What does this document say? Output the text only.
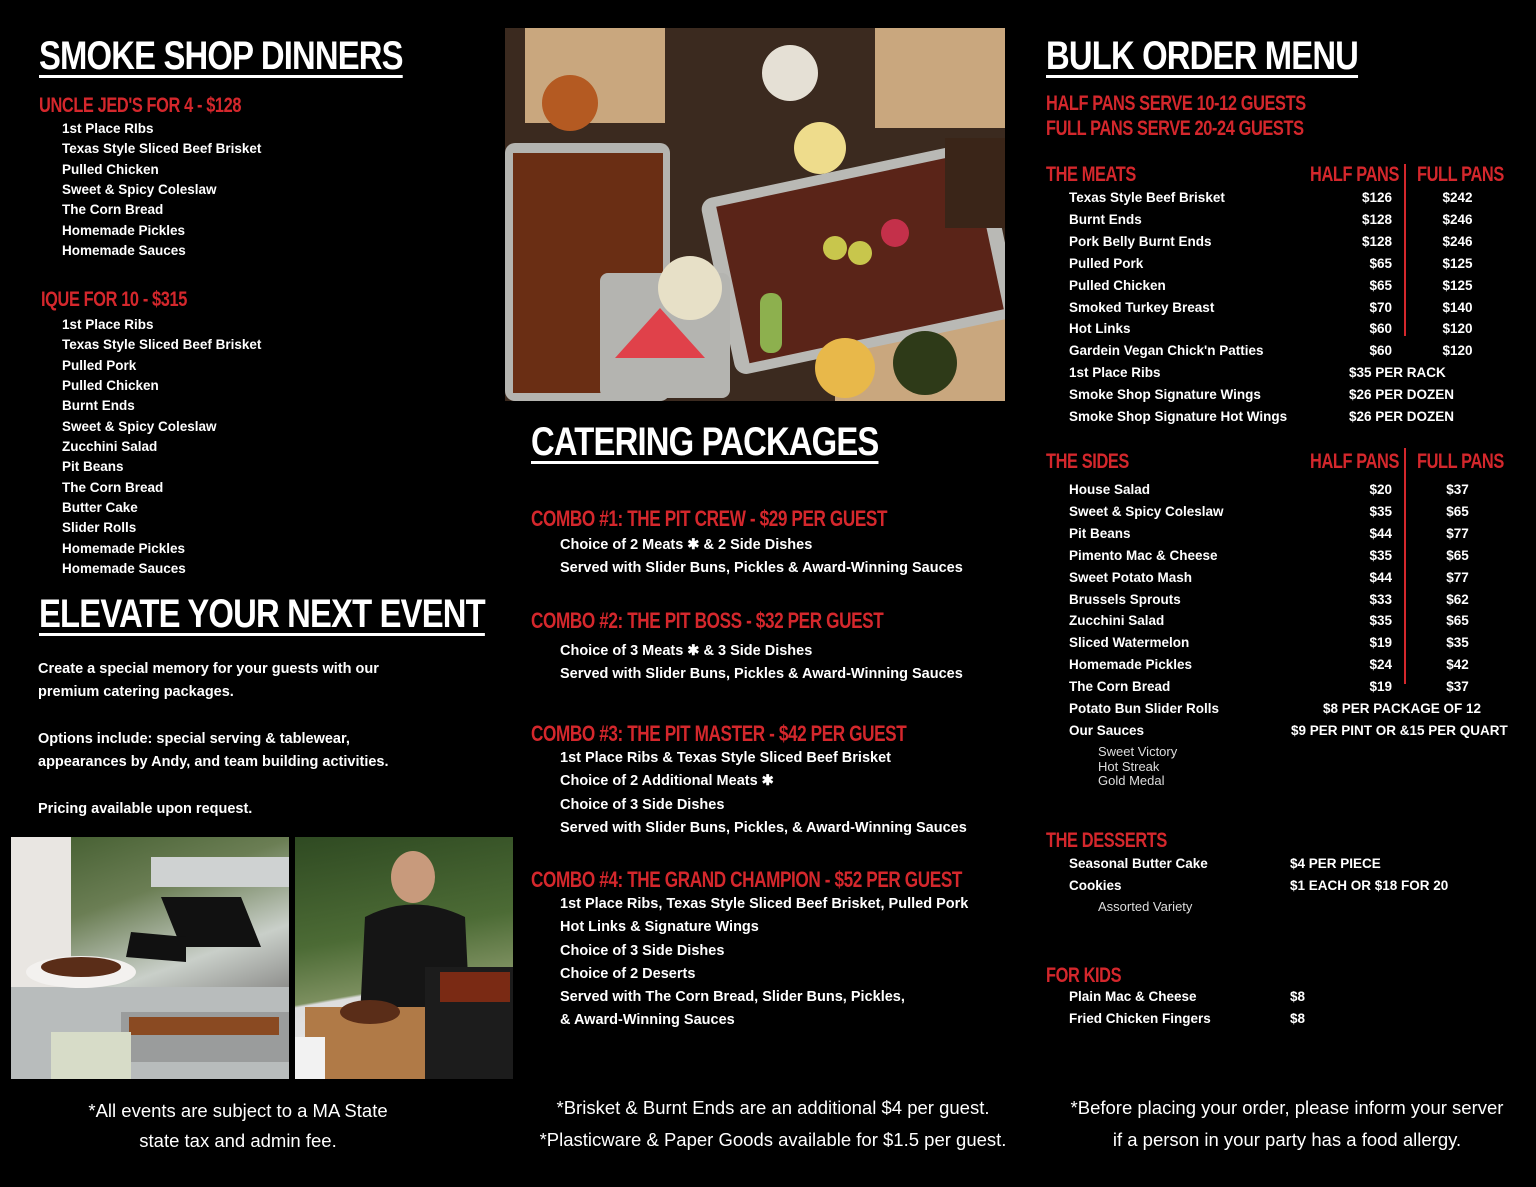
SMOKE SHOP DINNERS
UNCLE JED'S FOR 4 - $128
1st Place RIbs
Texas Style Sliced Beef Brisket
Pulled Chicken
Sweet & Spicy Coleslaw
The Corn Bread
Homemade Pickles
Homemade Sauces
IQUE FOR 10 - $315
1st Place Ribs
Texas Style Sliced Beef Brisket
Pulled Pork
Pulled Chicken
Burnt Ends
Sweet & Spicy Coleslaw
Zucchini Salad
Pit Beans
The Corn Bread
Butter Cake
Slider Rolls
Homemade Pickles
Homemade Sauces
ELEVATE YOUR NEXT EVENT
Create a special memory for your guests with our premium catering packages.
Options include: special serving & tablewear, appearances by Andy, and team building activities.
Pricing available upon request.
*All events are subject to a MA State
state tax and admin fee.
CATERING PACKAGES
COMBO #1: THE PIT CREW - $29 PER GUEST
Choice of 2 Meats ✱ & 2 Side Dishes
Served with Slider Buns, Pickles & Award-Winning Sauces
COMBO #2: THE PIT BOSS - $32 PER GUEST
Choice of 3 Meats ✱ & 3 Side Dishes
Served with Slider Buns, Pickles & Award-Winning Sauces
COMBO #3: THE PIT MASTER - $42 PER GUEST
1st Place Ribs & Texas Style Sliced Beef Brisket
Choice of 2 Additional Meats ✱
Choice of 3 Side Dishes
Served with Slider Buns, Pickles, & Award-Winning Sauces
COMBO #4: THE GRAND CHAMPION - $52 PER GUEST
1st Place Ribs, Texas Style Sliced Beef Brisket, Pulled Pork
Hot Links & Signature Wings
Choice of 3 Side Dishes
Choice of 2 Deserts
Served with The Corn Bread, Slider Buns, Pickles,
& Award-Winning Sauces
*Brisket & Burnt Ends are an additional $4 per guest.
*Plasticware & Paper Goods available for $1.5 per guest.
BULK ORDER MENU
HALF PANS SERVE 10-12 GUESTS
FULL PANS SERVE 20-24 GUESTS
THE MEATS	HALF PANS FULL PANS
Texas Style Beef Brisket	$126	$242
Burnt Ends	$128	$246
Pork Belly Burnt Ends	$128	$246
Pulled Pork	$65	$125
Pulled Chicken	$65	$125
Smoked Turkey Breast	$70	$140
Hot Links	$60	$120
Gardein Vegan Chick'n Patties	$60	$120
1st Place Ribs	$35 PER RACK
Smoke Shop Signature Wings	$26 PER DOZEN
Smoke Shop Signature Hot Wings	$26 PER DOZEN
THE SIDES	HALF PANS FULL PANS
House Salad	$20	$37
Sweet & Spicy Coleslaw	$35	$65
Pit Beans	$44	$77
Pimento Mac & Cheese	$35	$65
Sweet Potato Mash	$44	$77
Brussels Sprouts	$33	$62
Zucchini Salad	$35	$65
Sliced Watermelon	$19	$35
Homemade Pickles	$24	$42
The Corn Bread	$19	$37
Potato Bun Slider Rolls	$8 PER PACKAGE OF 12
Our Sauces	$9 PER PINT OR &15 PER QUART
Sweet Victory
Hot Streak
Gold Medal
THE DESSERTS
Seasonal Butter Cake	$4 PER PIECE
Cookies	$1 EACH OR $18 FOR 20
Assorted Variety
FOR KIDS
Plain Mac & Cheese	$8
Fried Chicken Fingers	$8
*Before placing your order, please inform your server
if a person in your party has a food allergy.
